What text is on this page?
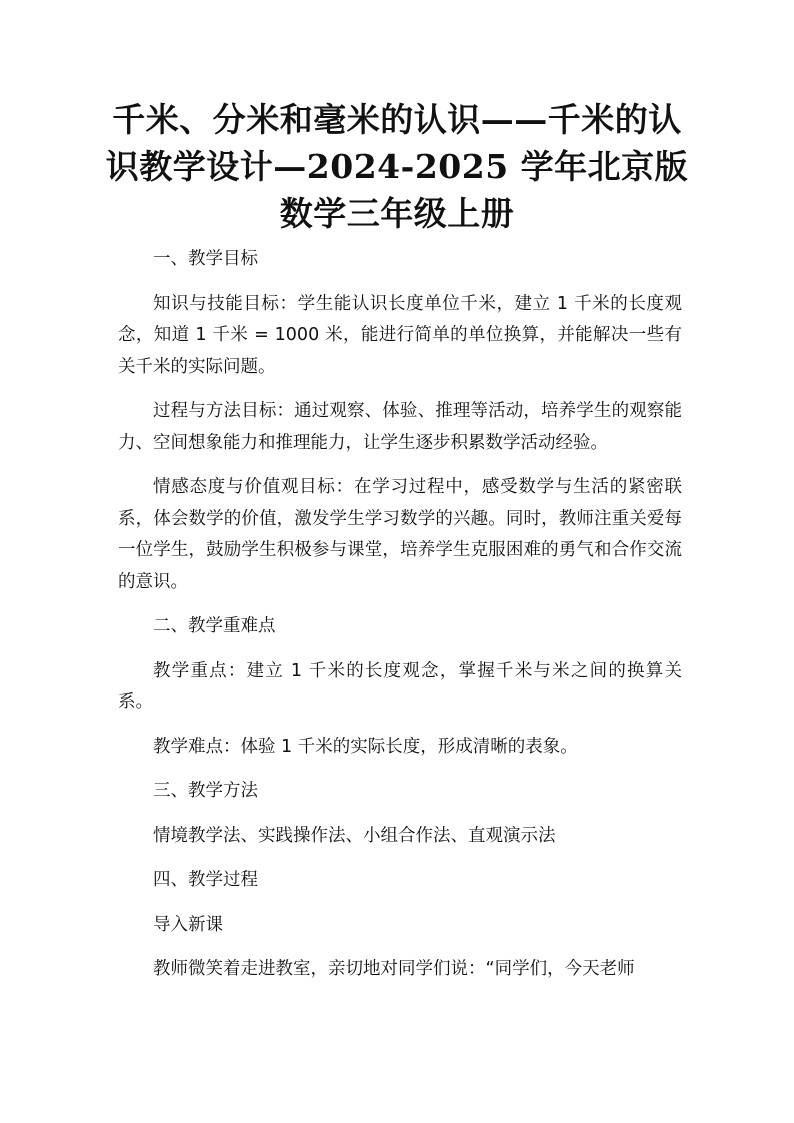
千米、分米和毫米的认识——千米的认识教学设计—2024-2025 学年北京版数学三年级上册

一、教学目标

知识与技能目标：学生能认识长度单位千米，建立 1 千米的长度观念，知道 1 千米 = 1000 米，能进行简单的单位换算，并能解决一些有关千米的实际问题。

过程与方法目标：通过观察、体验、推理等活动，培养学生的观察能力、空间想象能力和推理能力，让学生逐步积累数学活动经验。

情感态度与价值观目标：在学习过程中，感受数学与生活的紧密联系，体会数学的价值，激发学生学习数学的兴趣。同时，教师注重关爱每一位学生，鼓励学生积极参与课堂，培养学生克服困难的勇气和合作交流的意识。

二、教学重难点

教学重点：建立 1 千米的长度观念，掌握千米与米之间的换算关系。

教学难点：体验 1 千米的实际长度，形成清晰的表象。

三、教学方法

情境教学法、实践操作法、小组合作法、直观演示法

四、教学过程

导入新课

教师微笑着走进教室，亲切地对同学们说：“同学们，今天老师
